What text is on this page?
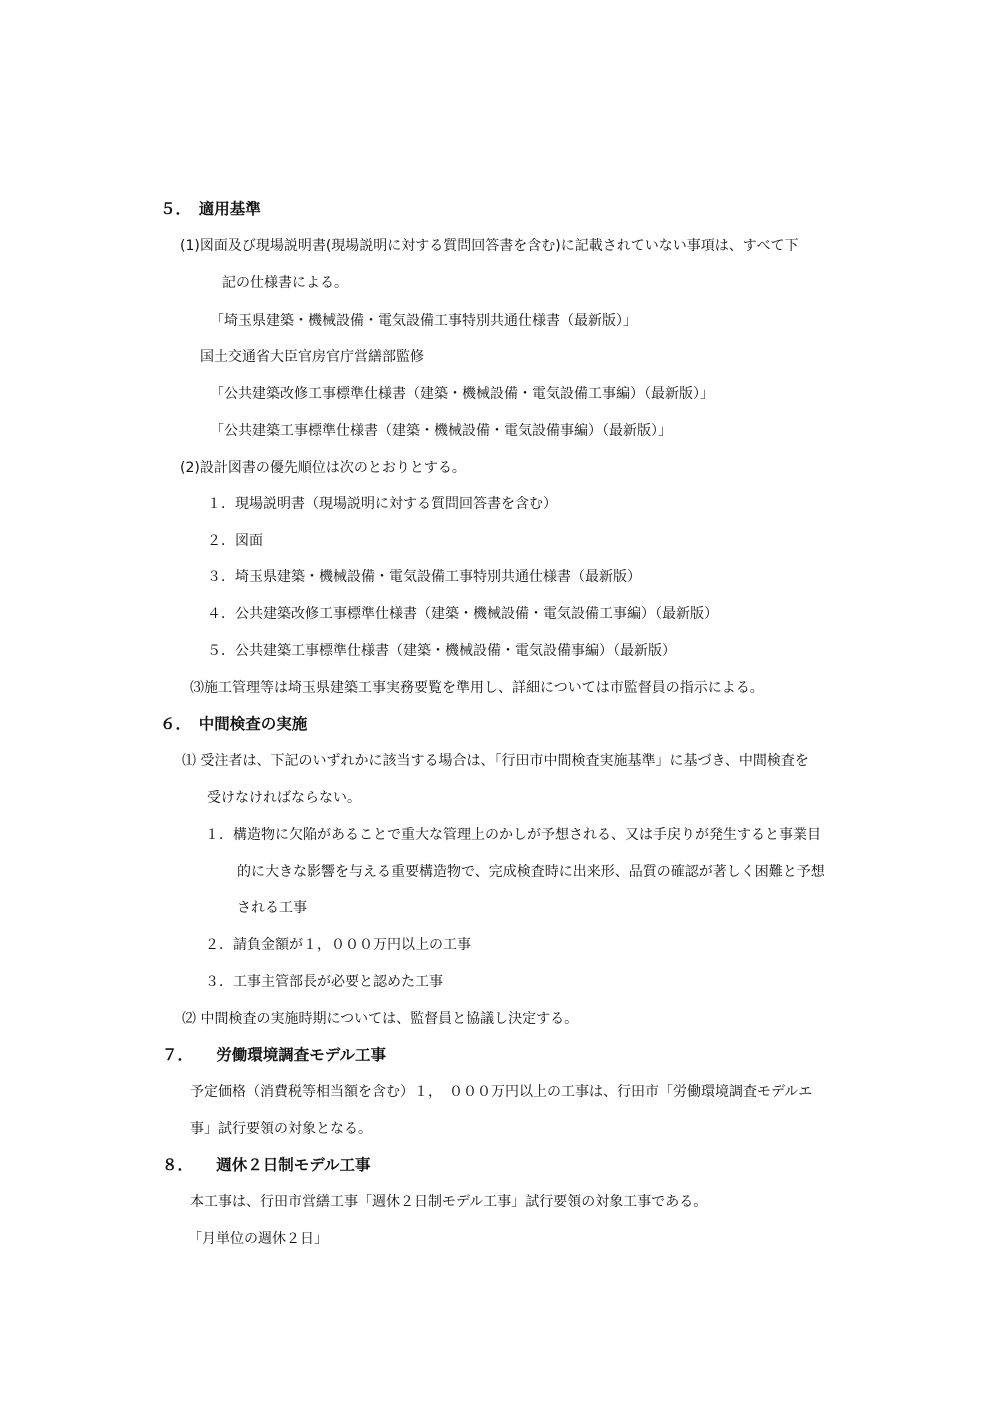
５．　適用基準
(1)図面及び現場説明書(現場説明に対する質問回答書を含む)に記載されていない事項は、すべて下
記の仕様書による。
「埼玉県建築・機械設備・電気設備工事特別共通仕様書（最新版）」
国土交通省大臣官房官庁営繕部監修
「公共建築改修工事標準仕様書（建築・機械設備・電気設備工事編）（最新版）」
「公共建築工事標準仕様書（建築・機械設備・電気設備事編）（最新版）」
(2)設計図書の優先順位は次のとおりとする。
１．現場説明書（現場説明に対する質問回答書を含む）
２．図面
３．埼玉県建築・機械設備・電気設備工事特別共通仕様書（最新版）
４．公共建築改修工事標準仕様書（建築・機械設備・電気設備工事編）（最新版）
５．公共建築工事標準仕様書（建築・機械設備・電気設備事編）（最新版）
⑶施工管理等は埼玉県建築工事実務要覧を準用し、詳細については市監督員の指示による。
６．　中間検査の実施
⑴ 受注者は、下記のいずれかに該当する場合は、「行田市中間検査実施基準」に基づき、中間検査を
受けなければならない。
１．構造物に欠陥があることで重大な管理上のかしが予想される、又は手戻りが発生すると事業目
的に大きな影響を与える重要構造物で、完成検査時に出来形、品質の確認が著しく困難と予想
される工事
２．請負金額が１，０００万円以上の工事
３．工事主管部長が必要と認めた工事
⑵ 中間検査の実施時期については、監督員と協議し決定する。
７．　　労働環境調査モデル工事
予定価格（消費税等相当額を含む）１，　０００万円以上の工事は、行田市「労働環境調査モデルエ
事」試行要領の対象となる。
８．　　週休２日制モデル工事
本工事は、行田市営繕工事「週休２日制モデル工事」試行要領の対象工事である。
「月単位の週休２日」
